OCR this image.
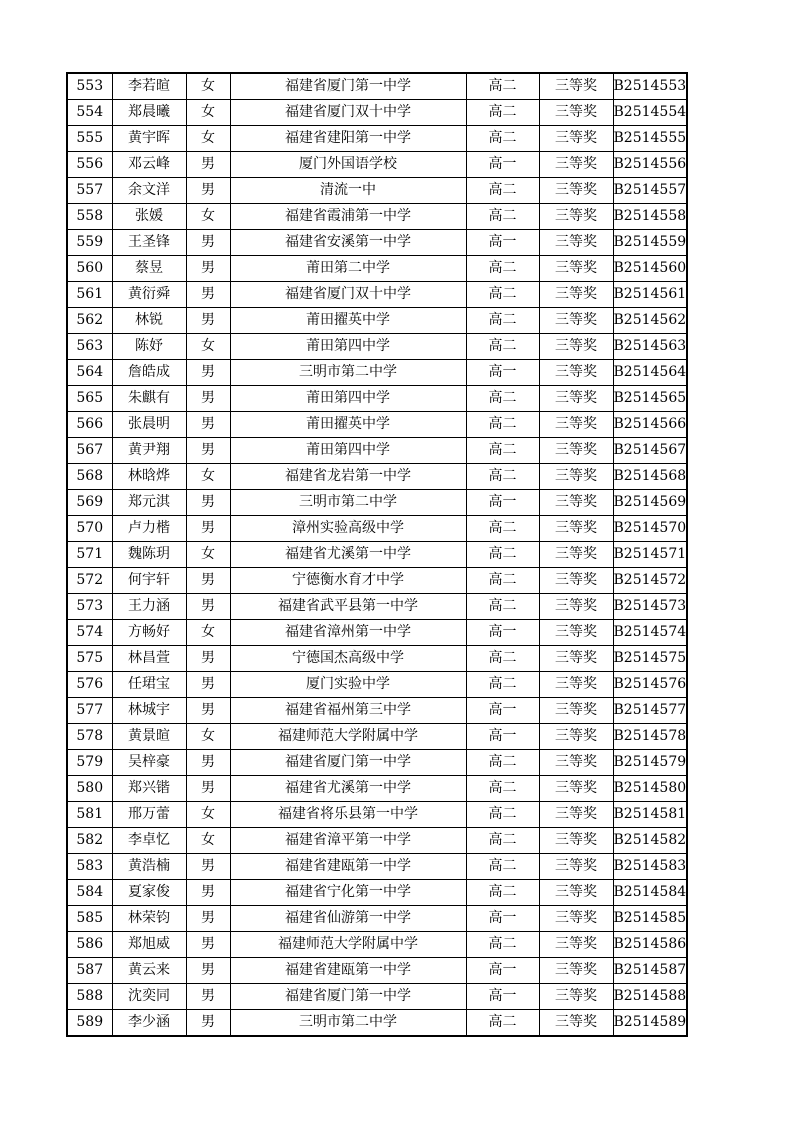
553	李若暄	女	福建省厦门第一中学	高二	三等奖	B2514553
554	郑晨曦	女	福建省厦门双十中学	高二	三等奖	B2514554
555	黄宇晖	女	福建省建阳第一中学	高二	三等奖	B2514555
556	邓云峰	男	厦门外国语学校	高一	三等奖	B2514556
557	余文洋	男	清流一中	高二	三等奖	B2514557
558	张媛	女	福建省霞浦第一中学	高二	三等奖	B2514558
559	王圣锋	男	福建省安溪第一中学	高一	三等奖	B2514559
560	蔡昱	男	莆田第二中学	高二	三等奖	B2514560
561	黄衍舜	男	福建省厦门双十中学	高二	三等奖	B2514561
562	林锐	男	莆田擢英中学	高二	三等奖	B2514562
563	陈妤	女	莆田第四中学	高二	三等奖	B2514563
564	詹皓成	男	三明市第二中学	高一	三等奖	B2514564
565	朱麒有	男	莆田第四中学	高二	三等奖	B2514565
566	张晨明	男	莆田擢英中学	高二	三等奖	B2514566
567	黄尹翔	男	莆田第四中学	高二	三等奖	B2514567
568	林晗烨	女	福建省龙岩第一中学	高二	三等奖	B2514568
569	郑元淇	男	三明市第二中学	高一	三等奖	B2514569
570	卢力楷	男	漳州实验高级中学	高二	三等奖	B2514570
571	魏陈玥	女	福建省尤溪第一中学	高二	三等奖	B2514571
572	何宇轩	男	宁德衡水育才中学	高二	三等奖	B2514572
573	王力涵	男	福建省武平县第一中学	高二	三等奖	B2514573
574	方畅好	女	福建省漳州第一中学	高一	三等奖	B2514574
575	林昌萱	男	宁德国杰高级中学	高二	三等奖	B2514575
576	任珺宝	男	厦门实验中学	高二	三等奖	B2514576
577	林城宇	男	福建省福州第三中学	高一	三等奖	B2514577
578	黄景暄	女	福建师范大学附属中学	高一	三等奖	B2514578
579	吴梓豪	男	福建省厦门第一中学	高二	三等奖	B2514579
580	郑兴锴	男	福建省尤溪第一中学	高二	三等奖	B2514580
581	邢万蕾	女	福建省将乐县第一中学	高二	三等奖	B2514581
582	李卓忆	女	福建省漳平第一中学	高二	三等奖	B2514582
583	黄浩楠	男	福建省建瓯第一中学	高二	三等奖	B2514583
584	夏家俊	男	福建省宁化第一中学	高二	三等奖	B2514584
585	林荣钧	男	福建省仙游第一中学	高一	三等奖	B2514585
586	郑旭威	男	福建师范大学附属中学	高二	三等奖	B2514586
587	黄云来	男	福建省建瓯第一中学	高一	三等奖	B2514587
588	沈奕同	男	福建省厦门第一中学	高一	三等奖	B2514588
589	李少涵	男	三明市第二中学	高二	三等奖	B2514589
